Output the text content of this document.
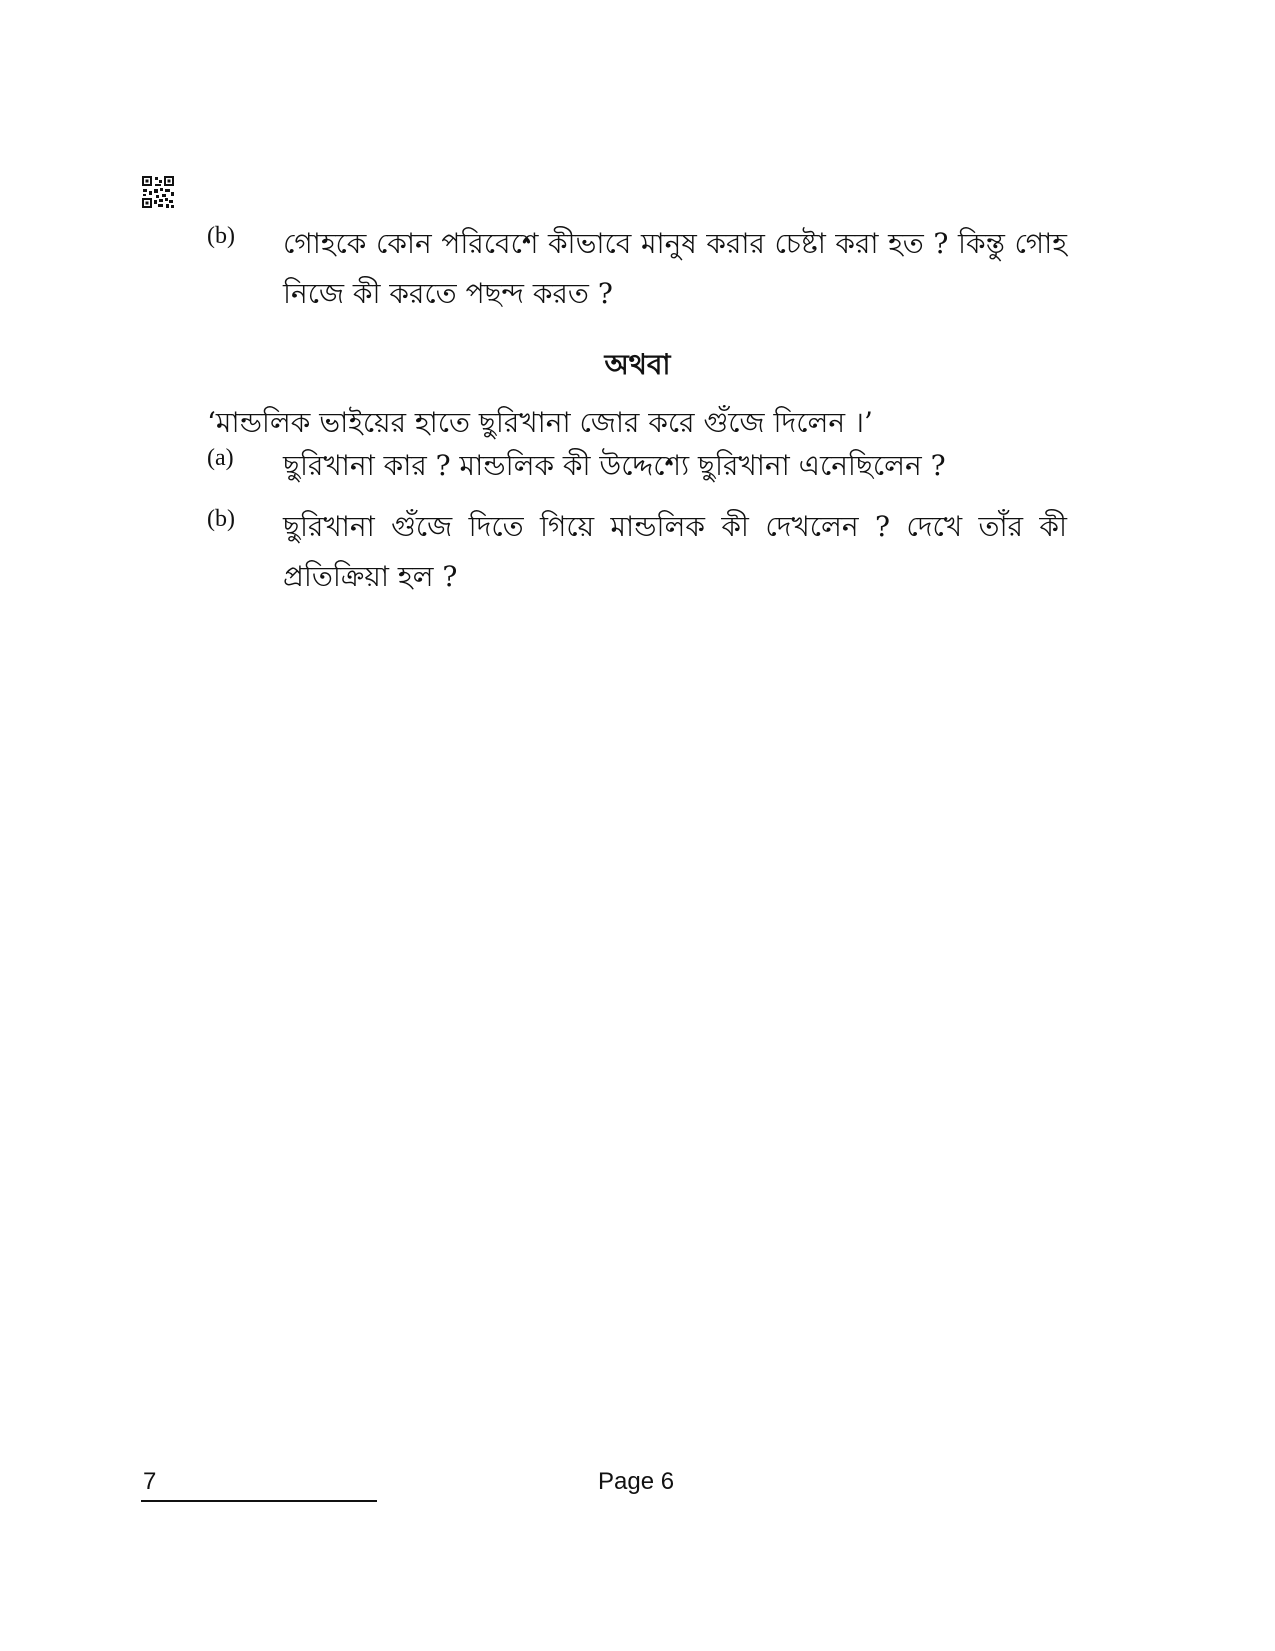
(b) গোহকে কোন পরিবেশে কীভাবে মানুষ করার চেষ্টা করা হত ? কিন্তু গোহ নিজে কী করতে পছন্দ করত ?
অথবা
‘মান্ডলিক ভাইয়ের হাতে ছুরিখানা জোর করে গুঁজে দিলেন ।’
(a) ছুরিখানা কার ? মান্ডলিক কী উদ্দেশ্যে ছুরিখানা এনেছিলেন ?
(b) ছুরিখানা গুঁজে দিতে গিয়ে মান্ডলিক কী দেখলেন ? দেখে তাঁর কী প্রতিক্রিয়া হল ?
7	Page 6
